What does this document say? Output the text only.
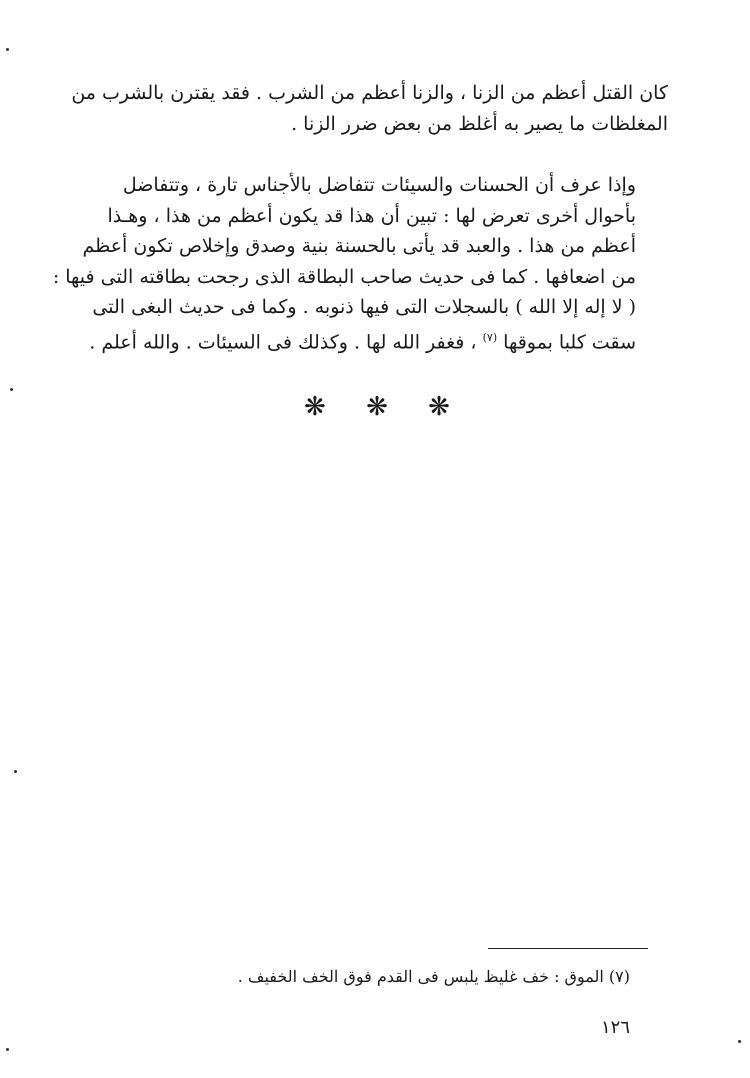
كان القتل أعظم من الزنا ، والزنا أعظم من الشرب . فقد يقترن بالشرب من
المغلظات ما يصير به أغلظ من بعض ضرر الزنا .
وإذا عرف أن الحسنات والسيئات تتفاضل بالأجناس تارة ، وتتفاضل
بأحوال أخرى تعرض لها : تبين أن هذا قد يكون أعظم من هذا ، وهـذا
أعظم من هذا . والعبد قد يأتى بالحسنة بنية وصدق وإخلاص تكون أعظم
من اضعافها . كما فى حديث صاحب البطاقة الذى رجحت بطاقته التى فيها :
( لا إله إلا الله ) بالسجلات التى فيها ذنوبه . وكما فى حديث البغى التى
سقت كلبا بموقها $^{(٧)}$ ، فغفر الله لها . وكذلك فى السيئات . والله أعلم .
❋ ❋ ❋
(٧) الموق : خف غليظ يلبس فى القدم فوق الخف الخفيف .
١٢٦
